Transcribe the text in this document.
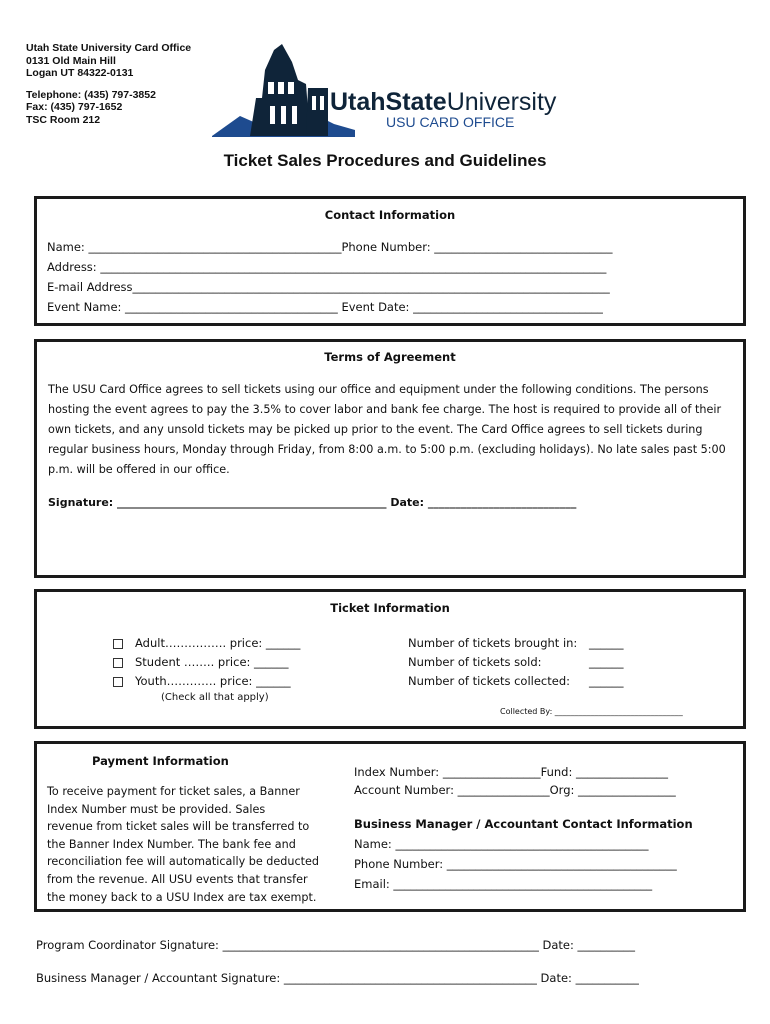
Utah State University Card Office
0131 Old Main Hill
Logan UT 84322-0131
Telephone: (435) 797-3852
Fax: (435) 797-1652
TSC Room 212
UtahStateUniversity
USU CARD OFFICE
Ticket Sales Procedures and Guidelines
Contact Information
Name: ____________________________________________Phone Number: _______________________________
Address: ________________________________________________________________________________________
E-mail Address___________________________________________________________________________________
Event Name: _____________________________________ Event Date: _________________________________
Terms of Agreement
The USU Card Office agrees to sell tickets using our office and equipment under the following conditions. The persons
hosting the event agrees to pay the 3.5% to cover labor and bank fee charge. The host is required to provide all of their
own tickets, and any unsold tickets may be picked up prior to the event. The Card Office agrees to sell tickets during
regular business hours, Monday through Friday, from 8:00 a.m. to 5:00 p.m. (excluding holidays). No late sales past 5:00
p.m. will be offered in our office.
Signature: _________________________________________________ Date: ___________________________
Ticket Information
Adult……………. price: ______
Student …….. price: ______
Youth…………. price: ______
(Check all that apply)
Number of tickets brought in: ______
Number of tickets sold:	______
Number of tickets collected: ______
Collected By: ________________________________
Payment Information
To receive payment for ticket sales, a Banner
Index Number must be provided. Sales
revenue from ticket sales will be transferred to
the Banner Index Number. The bank fee and
reconciliation fee will automatically be deducted
from the revenue. All USU events that transfer
the money back to a USU Index are tax exempt.
Index Number: _________________Fund: ________________
Account Number: ________________Org: _________________
Business Manager / Accountant Contact Information
Name: ____________________________________________
Phone Number: ________________________________________
Email: _____________________________________________
Program Coordinator Signature: _______________________________________________________ Date: __________
Business Manager / Accountant Signature: ____________________________________________ Date: ___________
